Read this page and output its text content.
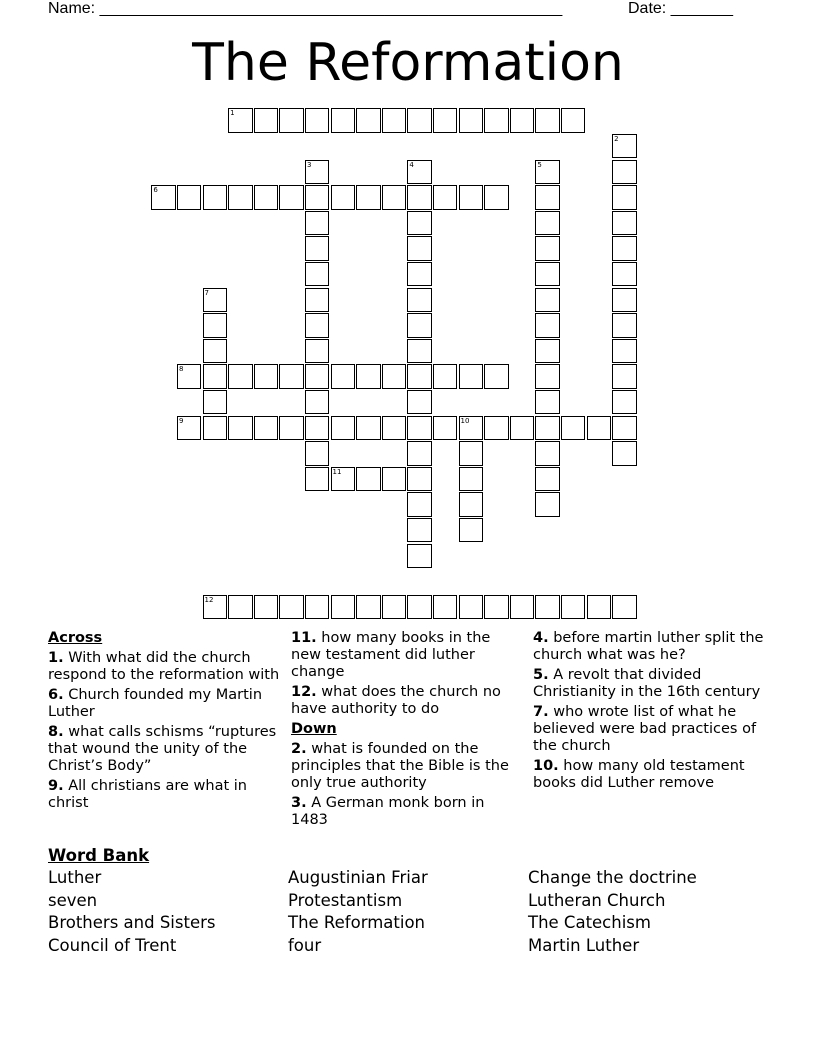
Name: ____________________________________________________	Date: _______
The Reformation
1
2
3	4	5
6
7
8
9	10
11
12
Across
1. With what did the church respond to the reformation with
6. Church founded my Martin Luther
8. what calls schisms “ruptures that wound the unity of the Christ’s Body”
9. All christians are what in christ
11. how many books in the new testament did luther change
12. what does the church no have authority to do
Down
2. what is founded on the principles that the Bible is the only true authority
3. A German monk born in 1483
4. before martin luther split the church what was he?
5. A revolt that divided Christianity in the 16th century
7. who wrote list of what he believed were bad practices of the church
10. how many old testament books did Luther remove
Word Bank
Luther	Augustinian Friar	Change the doctrine
seven	Protestantism	Lutheran Church
Brothers and Sisters	The Reformation	The Catechism
Council of Trent	four	Martin Luther
